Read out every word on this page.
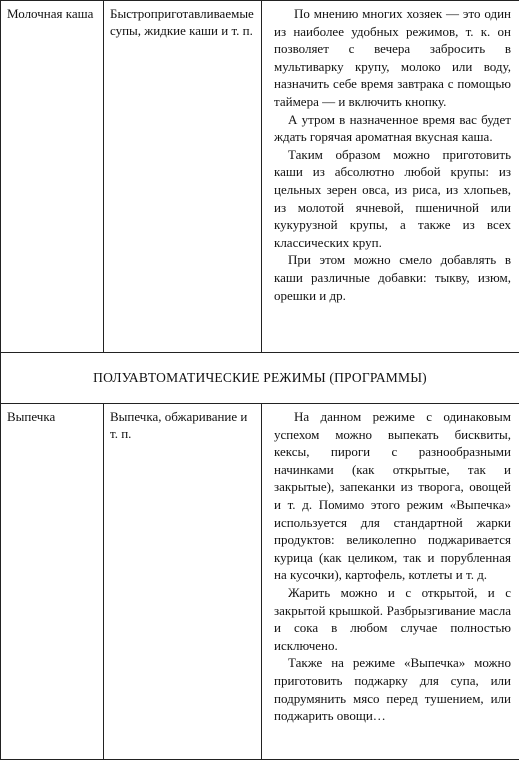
Молочная каша	Быстроприготавливаемые супы, жидкие каши и т. п.	По мнению многих хозяек — это один из наиболее удобных режимов, т. к. он позволяет с вечера забросить в мультиварку крупу, молоко или воду, назначить себе время завтрака с помощью таймера — и включить кнопку.

А утром в назначенное время вас будет ждать горячая ароматная вкусная каша.

Таким образом можно приготовить каши из абсолютно любой крупы: из цельных зерен овса, из риса, из хлопьев, из молотой ячневой, пшеничной или кукурузной крупы, а также из всех классических круп.

При этом можно смело добавлять в каши различные добавки: тыкву, изюм, орешки и др.

ПОЛУАВТОМАТИЧЕСКИЕ РЕЖИМЫ (ПРОГРАММЫ)		

Выпечка	Выпечка, обжаривание и т. п.	На данном режиме с одинаковым успехом можно выпекать бисквиты, кексы, пироги с разнообразными начинками (как открытые, так и закрытые), запеканки из творога, овощей и т. д. Помимо этого режим «Выпечка» используется для стандартной жарки продуктов: великолепно поджаривается курица (как целиком, так и порубленная на кусочки), картофель, котлеты и т. д.

Жарить можно и с открытой, и с закрытой крышкой. Разбрызгивание масла и сока в любом случае полностью исключено.

Также на режиме «Выпечка» можно приготовить поджарку для супа, или подрумянить мясо перед тушением, или поджарить овощи…
